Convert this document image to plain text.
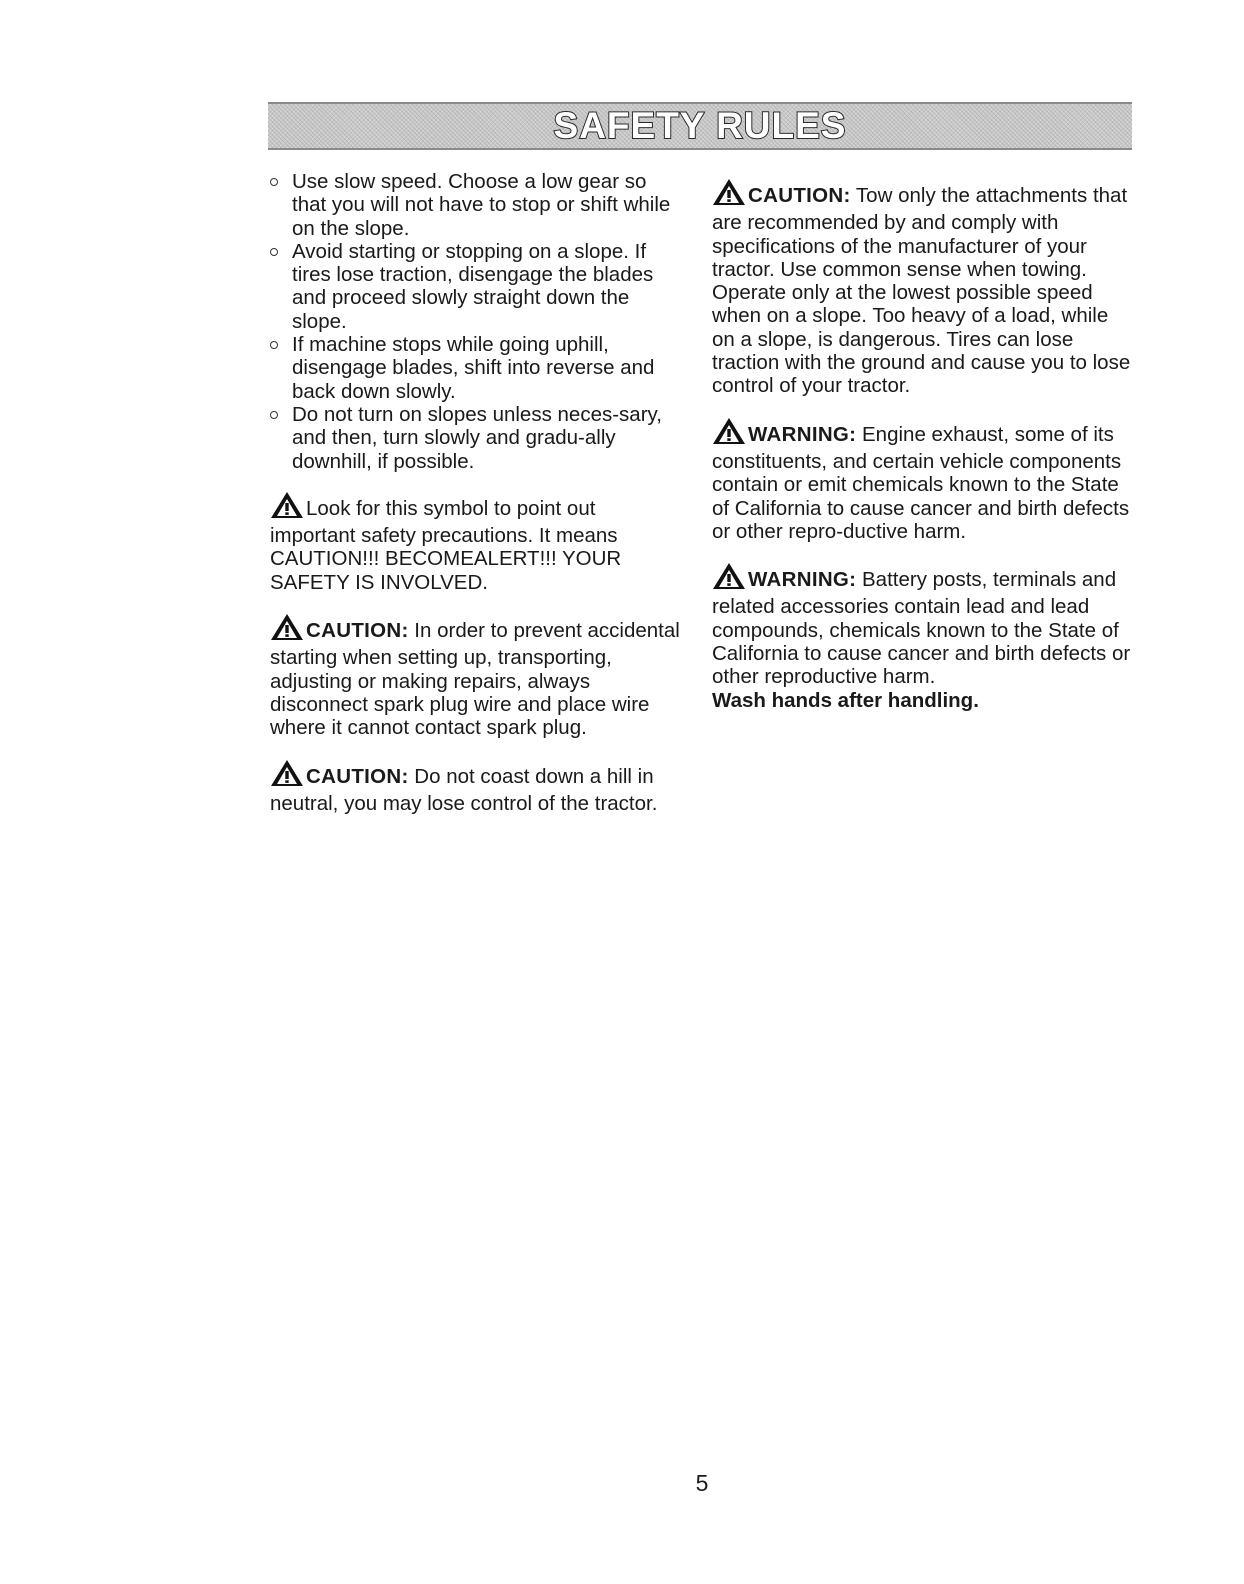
SAFETY RULES
Use slow speed. Choose a low gear so that you will not have to stop or shift while on the slope.
Avoid starting or stopping on a slope. If tires lose traction, disengage the blades and proceed slowly straight down the slope.
If machine stops while going uphill, disengage blades, shift into reverse and back down slowly.
Do not turn on slopes unless neces-sary, and then, turn slowly and gradu-ally downhill, if possible.

Look for this symbol to point out important safety precautions. It means CAUTION!!! BECOMEALERT!!! YOUR SAFETY IS INVOLVED.

CAUTION: In order to prevent accidental starting when setting up, transporting, adjusting or making repairs, always disconnect spark plug wire and place wire where it cannot contact spark plug.

CAUTION: Do not coast down a hill in neutral, you may lose control of the tractor.

CAUTION: Tow only the attachments that are recommended by and comply with specifications of the manufacturer of your tractor. Use common sense when towing. Operate only at the lowest possible speed when on a slope. Too heavy of a load, while on a slope, is dangerous. Tires can lose traction with the ground and cause you to lose control of your tractor.

WARNING: Engine exhaust, some of its constituents, and certain vehicle components contain or emit chemicals known to the State of California to cause cancer and birth defects or other repro-ductive harm.

WARNING: Battery posts, terminals and related accessories contain lead and lead compounds, chemicals known to the State of California to cause cancer and birth defects or other reproductive harm.
Wash hands after handling.

5
